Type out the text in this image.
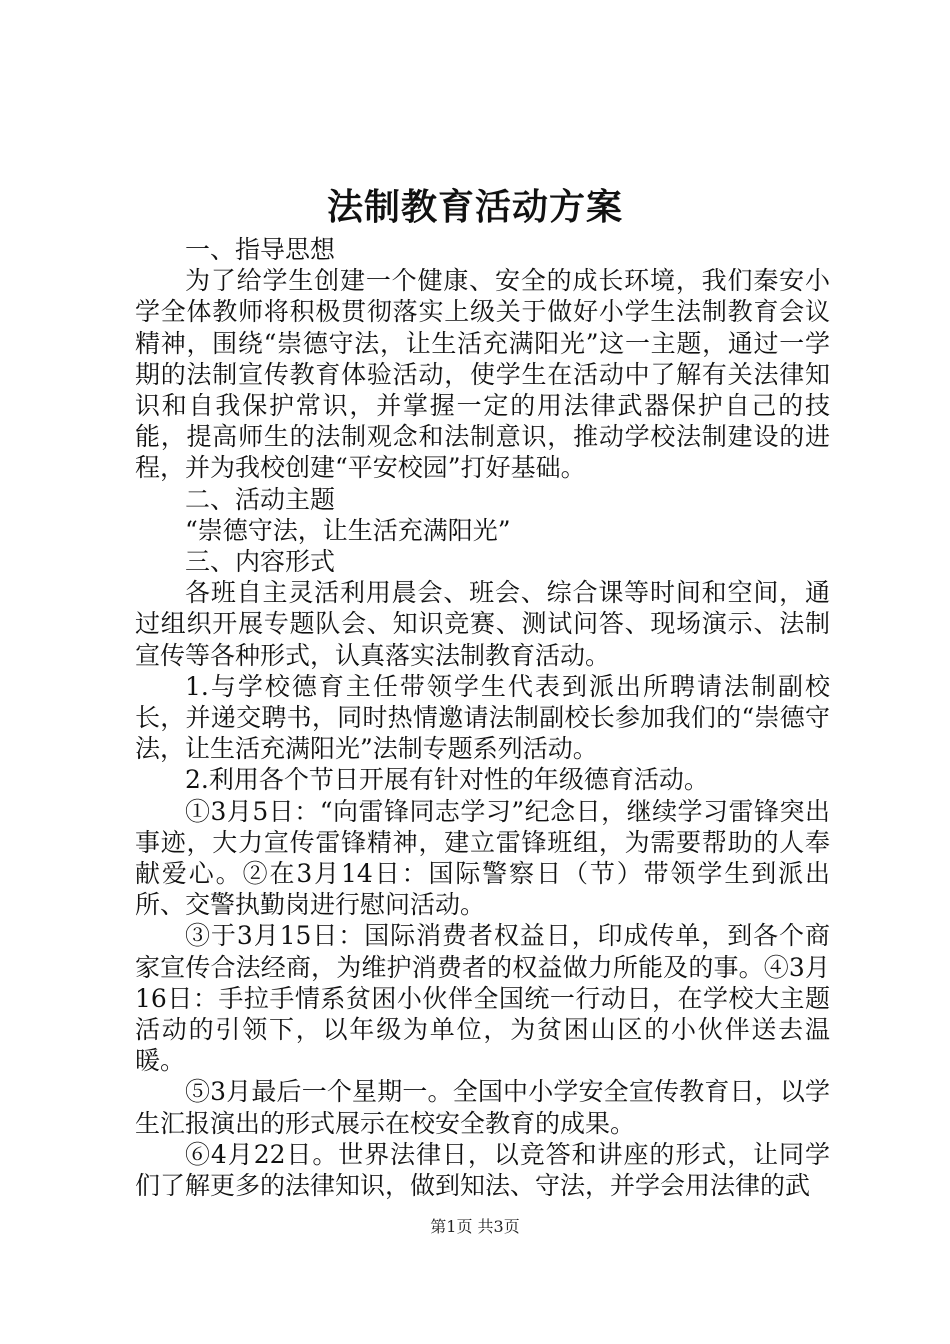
法制教育活动方案

一、指导思想

为了给学生创建一个健康、安全的成长环境，我们秦安小学全体教师将积极贯彻落实上级关于做好小学生法制教育会议精神，围绕“崇德守法，让生活充满阳光”这一主题，通过一学期的法制宣传教育体验活动，使学生在活动中了解有关法律知识和自我保护常识，并掌握一定的用法律武器保护自己的技能，提高师生的法制观念和法制意识，推动学校法制建设的进程，并为我校创建“平安校园”打好基础。

二、活动主题

“崇德守法，让生活充满阳光”

三、内容形式

各班自主灵活利用晨会、班会、综合课等时间和空间，通过组织开展专题队会、知识竞赛、测试问答、现场演示、法制宣传等各种形式，认真落实法制教育活动。

1.与学校德育主任带领学生代表到派出所聘请法制副校长，并递交聘书，同时热情邀请法制副校长参加我们的“崇德守法，让生活充满阳光”法制专题系列活动。

2.利用各个节日开展有针对性的年级德育活动。

①3月5日：“向雷锋同志学习”纪念日，继续学习雷锋突出事迹，大力宣传雷锋精神，建立雷锋班组，为需要帮助的人奉献爱心。②在3月14日：国际警察日（节）带领学生到派出所、交警执勤岗进行慰问活动。

③于3月15日：国际消费者权益日，印成传单，到各个商家宣传合法经商，为维护消费者的权益做力所能及的事。④3月16日：手拉手情系贫困小伙伴全国统一行动日，在学校大主题活动的引领下，以年级为单位，为贫困山区的小伙伴送去温暖。

⑤3月最后一个星期一。全国中小学安全宣传教育日，以学生汇报演出的形式展示在校安全教育的成果。

⑥4月22日。世界法律日，以竞答和讲座的形式，让同学们了解更多的法律知识，做到知法、守法，并学会用法律的武

第1页 共3页
